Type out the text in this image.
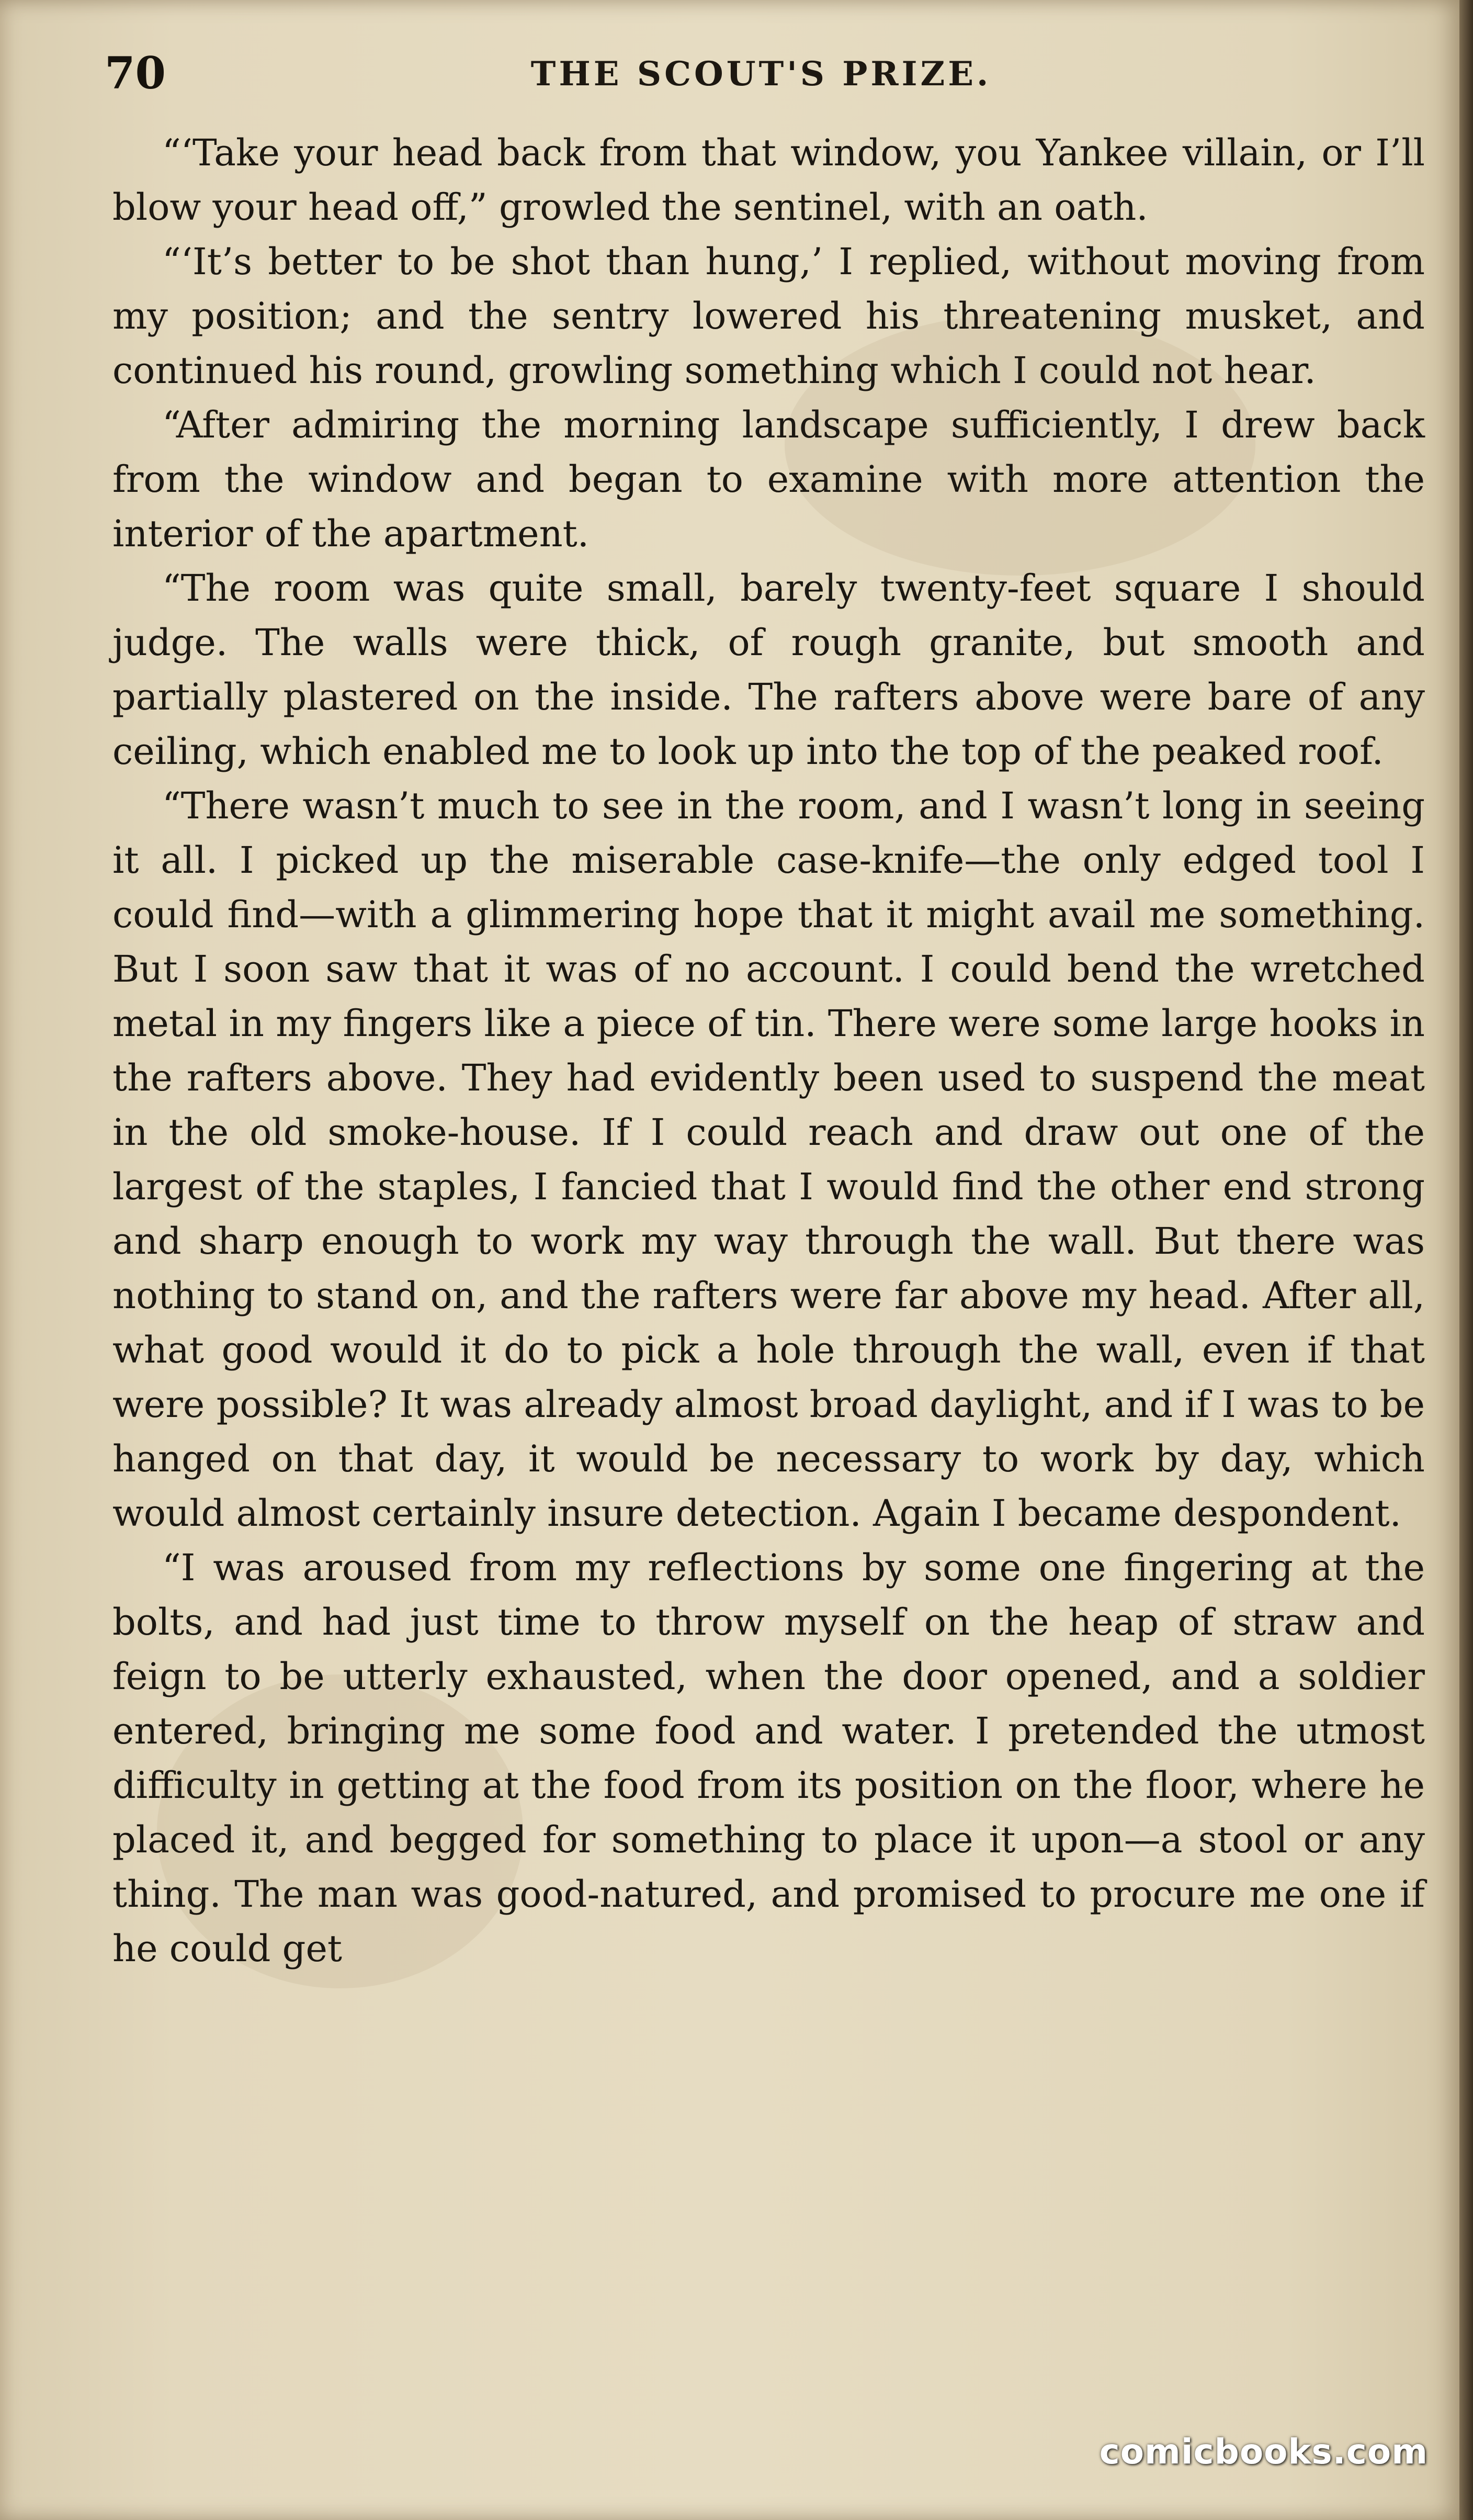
70	THE SCOUT'S PRIZE.

“‘Take your head back from that window, you Yankee villain, or I’ll blow your head off,” growled the sentinel, with an oath.

“‘It’s better to be shot than hung,’ I replied, without moving from my position; and the sentry lowered his threatening musket, and continued his round, growling something which I could not hear.

“After admiring the morning landscape sufficiently, I drew back from the window and began to examine with more attention the interior of the apartment.

“The room was quite small, barely twenty-feet square I should judge. The walls were thick, of rough granite, but smooth and partially plastered on the inside. The rafters above were bare of any ceiling, which enabled me to look up into the top of the peaked roof.

“There wasn’t much to see in the room, and I wasn’t long in seeing it all. I picked up the miserable case-knife—the only edged tool I could find—with a glimmering hope that it might avail me something. But I soon saw that it was of no account. I could bend the wretched metal in my fingers like a piece of tin. There were some large hooks in the rafters above. They had evidently been used to suspend the meat in the old smoke-house. If I could reach and draw out one of the largest of the staples, I fancied that I would find the other end strong and sharp enough to work my way through the wall. But there was nothing to stand on, and the rafters were far above my head. After all, what good would it do to pick a hole through the wall, even if that were possible? It was already almost broad daylight, and if I was to be hanged on that day, it would be necessary to work by day, which would almost certainly insure detection. Again I became despondent.

“I was aroused from my reflections by some one fingering at the bolts, and had just time to throw myself on the heap of straw and feign to be utterly exhausted, when the door opened, and a soldier entered, bringing me some food and water. I pretended the utmost difficulty in getting at the food from its position on the floor, where he placed it, and begged for something to place it upon—a stool or any thing. The man was good-natured, and promised to procure me one if he could get

comicbooks.com
